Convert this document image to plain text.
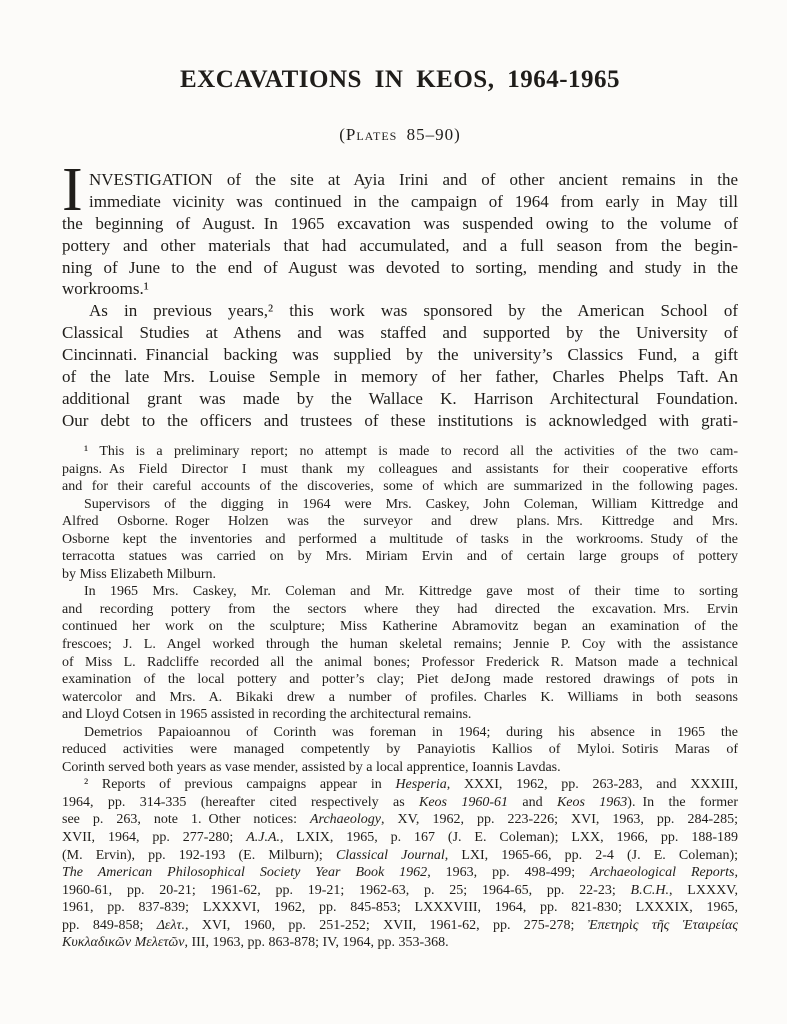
EXCAVATIONS IN KEOS, 1964-1965
(Plates 85–90)
I NVESTIGATION of the site at Ayia Irini and of other ancient remains in the
immediate vicinity was continued in the campaign of 1964 from early in May till
the beginning of August. In 1965 excavation was suspended owing to the volume of
pottery and other materials that had accumulated, and a full season from the begin-
ning of June to the end of August was devoted to sorting, mending and study in the
workrooms.¹
As in previous years,² this work was sponsored by the American School of
Classical Studies at Athens and was staffed and supported by the University of
Cincinnati. Financial backing was supplied by the university’s Classics Fund, a gift
of the late Mrs. Louise Semple in memory of her father, Charles Phelps Taft. An
additional grant was made by the Wallace K. Harrison Architectural Foundation.
Our debt to the officers and trustees of these institutions is acknowledged with grati-
¹ This is a preliminary report; no attempt is made to record all the activities of the two cam-
paigns. As Field Director I must thank my colleagues and assistants for their cooperative efforts
and for their careful accounts of the discoveries, some of which are summarized in the following pages.
Supervisors of the digging in 1964 were Mrs. Caskey, John Coleman, William Kittredge and
Alfred Osborne. Roger Holzen was the surveyor and drew plans. Mrs. Kittredge and Mrs.
Osborne kept the inventories and performed a multitude of tasks in the workrooms. Study of the
terracotta statues was carried on by Mrs. Miriam Ervin and of certain large groups of pottery
by Miss Elizabeth Milburn.
In 1965 Mrs. Caskey, Mr. Coleman and Mr. Kittredge gave most of their time to sorting
and recording pottery from the sectors where they had directed the excavation. Mrs. Ervin
continued her work on the sculpture; Miss Katherine Abramovitz began an examination of the
frescoes; J. L. Angel worked through the human skeletal remains; Jennie P. Coy with the assistance
of Miss L. Radcliffe recorded all the animal bones; Professor Frederick R. Matson made a technical
examination of the local pottery and potter’s clay; Piet deJong made restored drawings of pots in
watercolor and Mrs. A. Bikaki drew a number of profiles. Charles K. Williams in both seasons
and Lloyd Cotsen in 1965 assisted in recording the architectural remains.
Demetrios Papaioannou of Corinth was foreman in 1964; during his absence in 1965 the
reduced activities were managed competently by Panayiotis Kallios of Myloi. Sotiris Maras of
Corinth served both years as vase mender, assisted by a local apprentice, Ioannis Lavdas.
² Reports of previous campaigns appear in Hesperia, XXXI, 1962, pp. 263-283, and XXXIII,
1964, pp. 314-335 (hereafter cited respectively as Keos 1960-61 and Keos 1963). In the former
see p. 263, note 1. Other notices: Archaeology, XV, 1962, pp. 223-226; XVI, 1963, pp. 284-285;
XVII, 1964, pp. 277-280; A.J.A., LXIX, 1965, p. 167 (J. E. Coleman); LXX, 1966, pp. 188-189
(M. Ervin), pp. 192-193 (E. Milburn); Classical Journal, LXI, 1965-66, pp. 2-4 (J. E. Coleman);
The American Philosophical Society Year Book 1962, 1963, pp. 498-499; Archaeological Reports,
1960-61, pp. 20-21; 1961-62, pp. 19-21; 1962-63, p. 25; 1964-65, pp. 22-23; B.C.H., LXXXV,
1961, pp. 837-839; LXXXVI, 1962, pp. 845-853; LXXXVIII, 1964, pp. 821-830; LXXXIX, 1965,
pp. 849-858; Δελτ., XVI, 1960, pp. 251-252; XVII, 1961-62, pp. 275-278; Ἐπετηρὶς τῆς Ἑταιρείας
Κυκλαδικῶν Μελετῶν, III, 1963, pp. 863-878; IV, 1964, pp. 353-368.
